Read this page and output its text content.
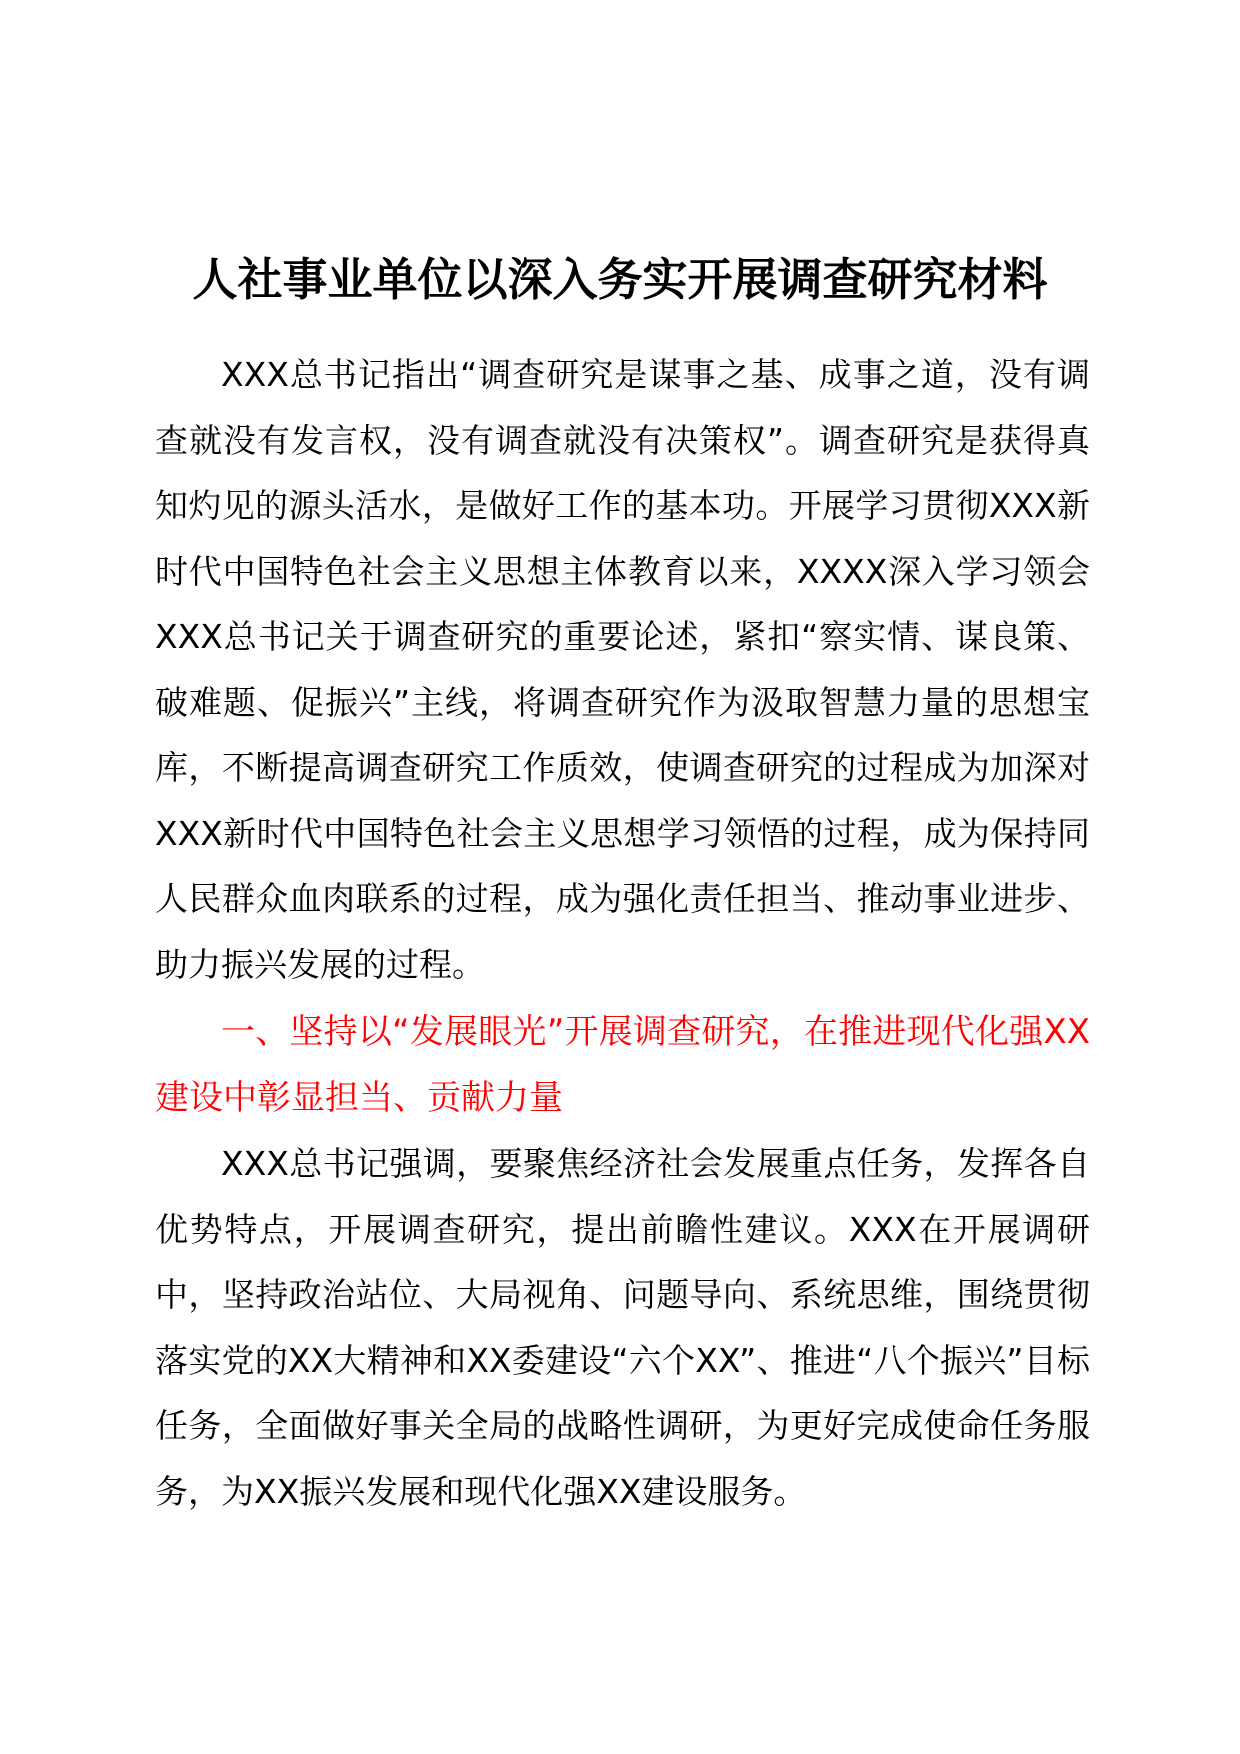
人社事业单位以深入务实开展调查研究材料
XXX总书记指出“调查研究是谋事之基、成事之道，没有调查就没有发言权，没有调查就没有决策权”。调查研究是获得真知灼见的源头活水，是做好工作的基本功。开展学习贯彻XXX新时代中国特色社会主义思想主体教育以来，XXXX深入学习领会XXX总书记关于调查研究的重要论述，紧扣“察实情、谋良策、破难题、促振兴”主线，将调查研究作为汲取智慧力量的思想宝库，不断提高调查研究工作质效，使调查研究的过程成为加深对XXX新时代中国特色社会主义思想学习领悟的过程，成为保持同人民群众血肉联系的过程，成为强化责任担当、推动事业进步、助力振兴发展的过程。
一、坚持以“发展眼光”开展调查研究，在推进现代化强XX建设中彰显担当、贡献力量
XXX总书记强调，要聚焦经济社会发展重点任务，发挥各自优势特点，开展调查研究，提出前瞻性建议。XXX在开展调研中，坚持政治站位、大局视角、问题导向、系统思维，围绕贯彻落实党的XX大精神和XX委建设“六个XX”、推进“八个振兴”目标任务，全面做好事关全局的战略性调研，为更好完成使命任务服务，为XX振兴发展和现代化强XX建设服务。
